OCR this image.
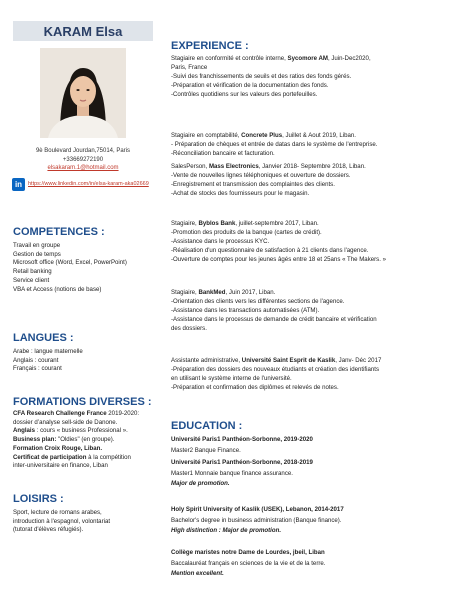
KARAM Elsa
9è Boulevard Jourdan,75014, Paris
+33669272190
elsakaram.1@hotmail.com
in	https://www.linkedin.com/in/elsa-karam-aka02669
COMPETENCES :
Travail en groupe
Gestion de temps
Microsoft office (Word, Excel, PowerPoint)
Retail banking
Service client
VBA et Access (notions de base)
LANGUES :
Arabe : langue maternelle
Anglais : courant
Français : courant
FORMATIONS DIVERSES :
CFA Research Challenge France 2019-2020:
dossier d’analyse sell-side de Danone.
Anglais : cours « business Professional ».
Business plan: "Oldies" (en groupe).
Formation Croix Rouge, Liban.
Certificat de participation à la compétition
inter-universitaire en finance, Liban
LOISIRS :
Sport, lecture de romans arabes,
introduction à l'espagnol, volontariat
(tutorat d'élèves réfugiés).
EXPERIENCE :
Stagiaire en conformité et contrôle interne, Sycomore AM, Juin-Dec2020,
Paris, France
-Suivi des franchissements de seuils et des ratios des fonds gérés.
-Préparation et vérification de la documentation des fonds.
-Contrôles quotidiens sur les valeurs des portefeuilles.
Stagiaire en comptabilité, Concrete Plus, Juillet & Aout 2019, Liban.
- Préparation de chèques et entrée de datas dans le système de l'entreprise.
-Réconciliation bancaire et facturation.
SalesPerson, Mass Electronics, Janvier 2018- Septembre 2018, Liban.
-Vente de nouvelles lignes téléphoniques et ouverture de dossiers.
-Enregistrement et transmission des complaintes des clients.
-Achat de stocks des fournisseurs pour le magasin.
Stagiaire, Byblos Bank, juillet-septembre 2017, Liban.
-Promotion des produits de la banque (cartes de crédit).
-Assistance dans le processus KYC.
-Réalisation d'un questionnaire de satisfaction à 21 clients dans l'agence.
-Ouverture de comptes pour les jeunes âgés entre 18 et 25ans « The Makers. »
Stagiaire, BankMed, Juin 2017, Liban.
-Orientation des clients vers les différentes sections de l'agence.
-Assistance dans les transactions automatisées (ATM).
-Assistance dans le processus de demande de crédit bancaire et vérification
des dossiers.
Assistante administrative, Université Saint Esprit de Kaslik, Janv- Déc 2017
-Préparation des dossiers des nouveaux étudiants et création des identifiants
en utilisant le système interne de l'université.
-Préparation et confirmation des diplômes et relevés de notes.
EDUCATION :
Université Paris1 Panthéon-Sorbonne, 2019-2020
Master2 Banque Finance.
Université Paris1 Panthéon-Sorbonne, 2018-2019
Master1 Monnaie banque finance assurance.
Major de promotion.
Holy Spirit University of Kaslik (USEK), Lebanon, 2014-2017
Bachelor's degree in business administration (Banque finance).
High distinction : Major de promotion.
Collège maristes notre Dame de Lourdes, jbeil, Liban
Baccalauréat français en sciences de la vie et de la terre.
Mention excellent.
